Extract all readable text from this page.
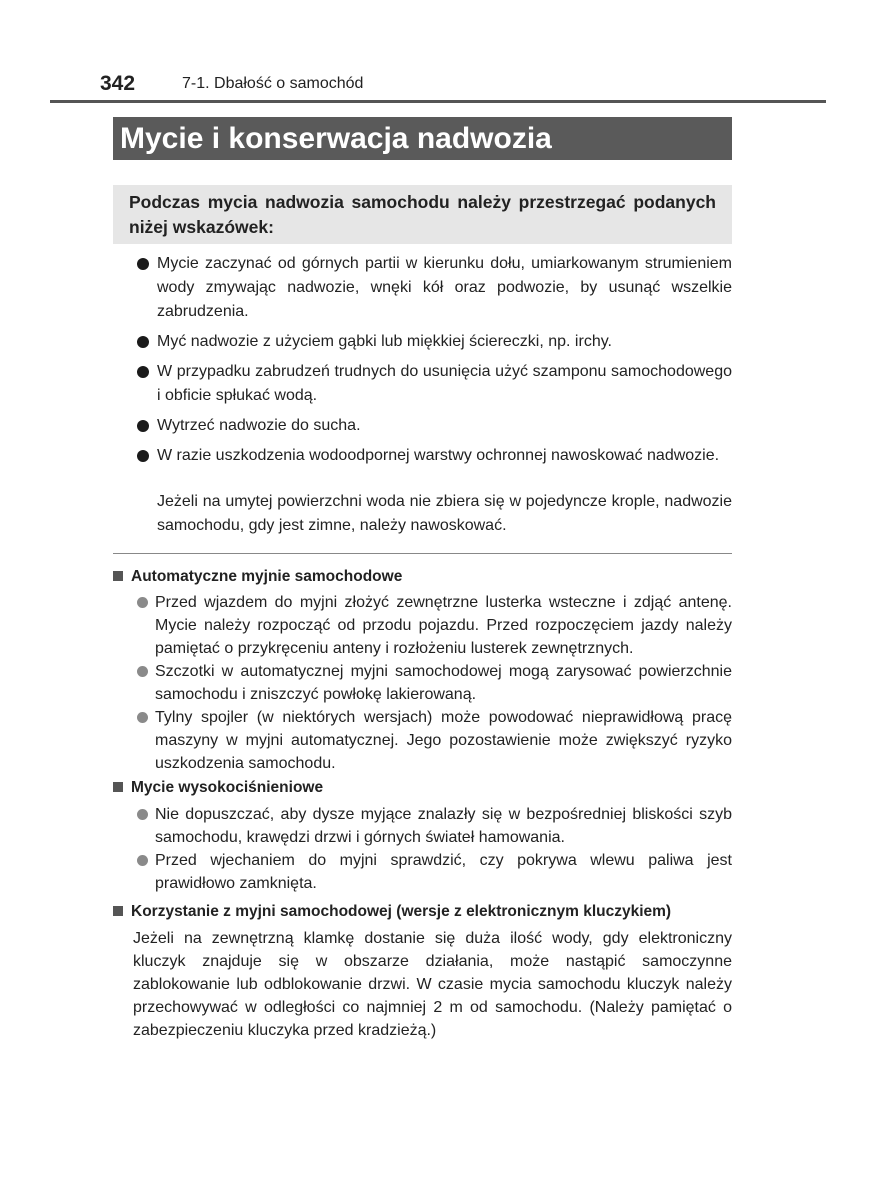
342	7-1. Dbałość o samochód
Mycie i konserwacja nadwozia
Podczas mycia nadwozia samochodu należy przestrzegać podanych niżej wskazówek:
Mycie zaczynać od górnych partii w kierunku dołu, umiarkowanym strumieniem wody zmywając nadwozie, wnęki kół oraz podwozie, by usunąć wszelkie zabrudzenia.
Myć nadwozie z użyciem gąbki lub miękkiej ściereczki, np. irchy.
W przypadku zabrudzeń trudnych do usunięcia użyć szamponu samochodowego i obficie spłukać wodą.
Wytrzeć nadwozie do sucha.
W razie uszkodzenia wodoodpornej warstwy ochronnej nawoskować nadwozie.
Jeżeli na umytej powierzchni woda nie zbiera się w pojedyncze krople, nadwozie samochodu, gdy jest zimne, należy nawoskować.
Automatyczne myjnie samochodowe
Przed wjazdem do myjni złożyć zewnętrzne lusterka wsteczne i zdjąć antenę. Mycie należy rozpocząć od przodu pojazdu. Przed rozpoczęciem jazdy należy pamiętać o przykręceniu anteny i rozłożeniu lusterek zewnętrznych.
Szczotki w automatycznej myjni samochodowej mogą zarysować powierzchnie samochodu i zniszczyć powłokę lakierowaną.
Tylny spojler (w niektórych wersjach) może powodować nieprawidłową pracę maszyny w myjni automatycznej. Jego pozostawienie może zwiększyć ryzyko uszkodzenia samochodu.
Mycie wysokociśnieniowe
Nie dopuszczać, aby dysze myjące znalazły się w bezpośredniej bliskości szyb samochodu, krawędzi drzwi i górnych świateł hamowania.
Przed wjechaniem do myjni sprawdzić, czy pokrywa wlewu paliwa jest prawidłowo zamknięta.
Korzystanie z myjni samochodowej (wersje z elektronicznym kluczykiem)
Jeżeli na zewnętrzną klamkę dostanie się duża ilość wody, gdy elektroniczny kluczyk znajduje się w obszarze działania, może nastąpić samoczynne zablokowanie lub odblokowanie drzwi. W czasie mycia samochodu kluczyk należy przechowywać w odległości co najmniej 2 m od samochodu. (Należy pamiętać o zabezpieczeniu kluczyka przed kradzieżą.)
